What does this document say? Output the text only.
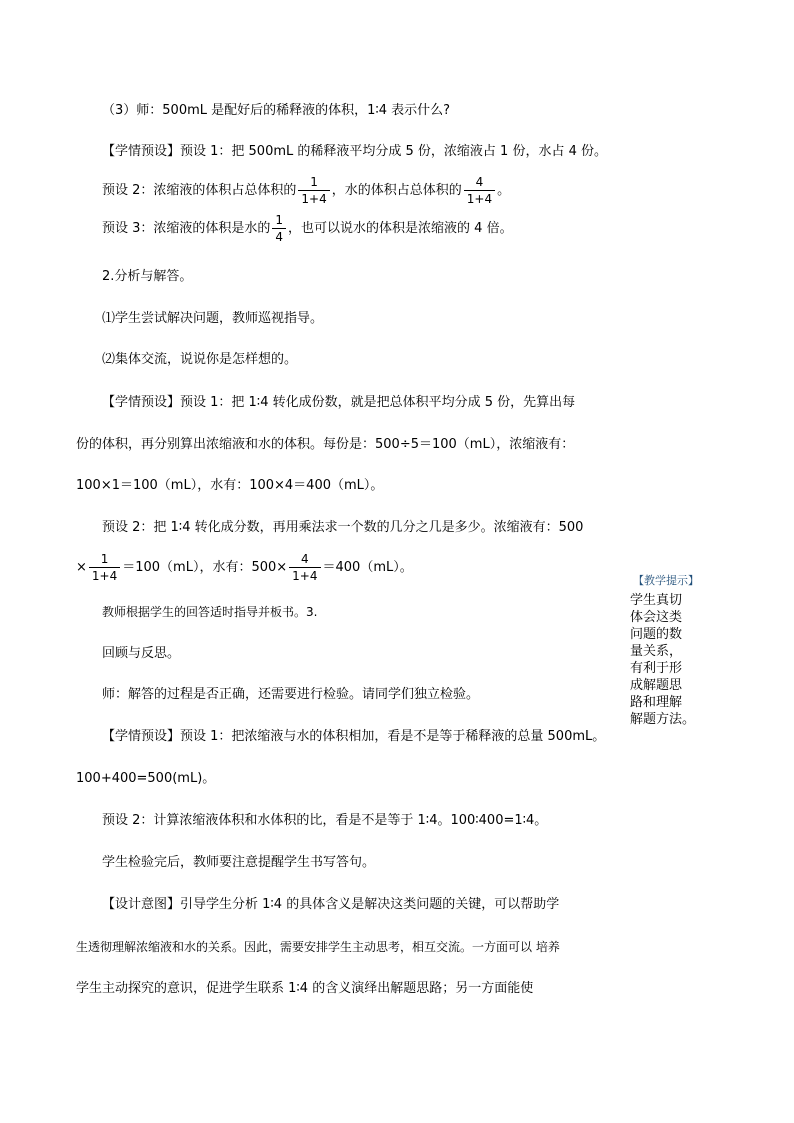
（3）师：500mL 是配好后的稀释液的体积，1∶4 表示什么?
【学情预设】预设 1：把 500mL 的稀释液平均分成 5 份，浓缩液占 1 份，水占 4 份。
预设 2：浓缩液的体积占总体积的 $\frac{1}{1+4}$ ，水的体积占总体积的 $\frac{4}{1+4}$ 。
预设 3：浓缩液的体积是水的 $\frac{1}{4}$ ，也可以说水的体积是浓缩液的 4 倍。
2.分析与解答。
⑴学生尝试解决问题，教师巡视指导。
⑵集体交流，说说你是怎样想的。
【学情预设】预设 1：把 1∶4 转化成份数，就是把总体积平均分成 5 份，先算出每
份的体积，再分别算出浓缩液和水的体积。每份是：500÷5＝100（mL），浓缩液有：
100×1＝100（mL），水有：100×4＝400（mL）。
预设 2：把 1∶4 转化成分数，再用乘法求一个数的几分之几是多少。浓缩液有：500
× $\frac{1}{1+4} =100(mL)$，水有：$500\times \frac{4}{1+4} =400(mL)$。
教师根据学生的回答适时指导并板书。3.
回顾与反思。
师：解答的过程是否正确，还需要进行检验。请同学们独立检验。
【学情预设】预设 1：把浓缩液与水的体积相加，看是不是等于稀释液的总量 500mL。
100+400=500(mL)。
预设 2：计算浓缩液体积和水体积的比，看是不是等于 1∶4。100∶400=1∶4。
学生检验完后，教师要注意提醒学生书写答句。
【设计意图】引导学生分析 1∶4 的具体含义是解决这类问题的关键，可以帮助学
生透彻理解浓缩液和水的关系。因此，需要安排学生主动思考，相互交流。一方面可以 培养
学生主动探究的意识，促进学生联系 1∶4 的含义演绎出解题思路；另一方面能使
【教学提示】
学生真切
体会这类
问题的数
量关系，
有利于形
成解题思
路和理解
解题方法。
